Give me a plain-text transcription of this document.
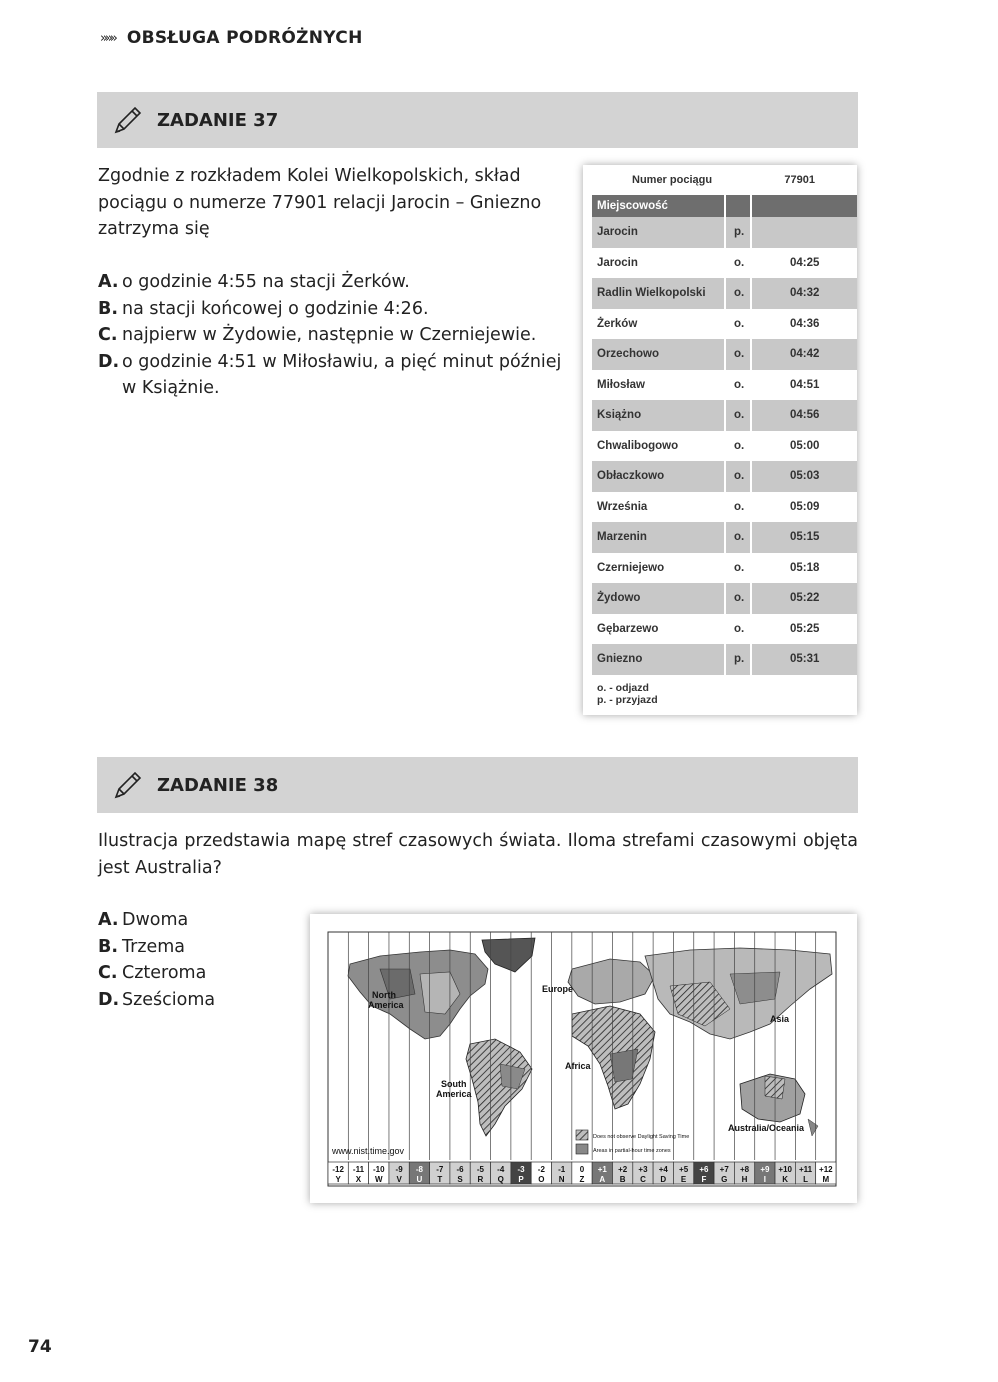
»»» OBSŁUGA PODRÓŻNYCH
ZADANIE 37
Zgodnie z rozkładem Kolei Wielkopolskich, skład pociągu o numerze 77901 relacji Jarocin – Gniezno zatrzyma się
A. o godzinie 4:55 na stacji Żerków.
B. na stacji końcowej o godzinie 4:26.
C. najpierw w Żydowie, następnie w Czerniejewie.
D. o godzinie 4:51 w Miłosławiu, a pięć minut później w Książnie.
Numer pociągu	77901
Miejscowość		
Jarocin	p.	
Jarocin	o.	04:25
Radlin Wielkopolski	o.	04:32
Żerków	o.	04:36
Orzechowo	o.	04:42
Miłosław	o.	04:51
Książno	o.	04:56
Chwalibogowo	o.	05:00
Obłaczkowo	o.	05:03
Września	o.	05:09
Marzenin	o.	05:15
Czerniejewo	o.	05:18
Żydowo	o.	05:22
Gębarzewo	o.	05:25
Gniezno	p.	05:31
o. - odjazd
p. - przyjazd
ZADANIE 38
Ilustracja przedstawia mapę stref czasowych świata. Iloma strefami czasowymi objęta jest Australia?
A. Dwoma
B. Trzema
C. Czteroma
D. Sześcioma	North
America
Europe
Africa
Asia
South
America
Australia/Oceania
Does not observe Daylight Saving Time
Areas in partial-hour time zones
www.nist.time.gov
-12
Y
-11
X
-10
W
-9
V
-8
U
-7
T
-6
S
-5
R
-4
Q
-3
P
-2
O
-1
N
0
Z
+1
A
+2
B
+3
C
+4
D
+5
E
+6
F
+7
G
+8
H
+9
I
+10
K
+11
L
+12
M
74
